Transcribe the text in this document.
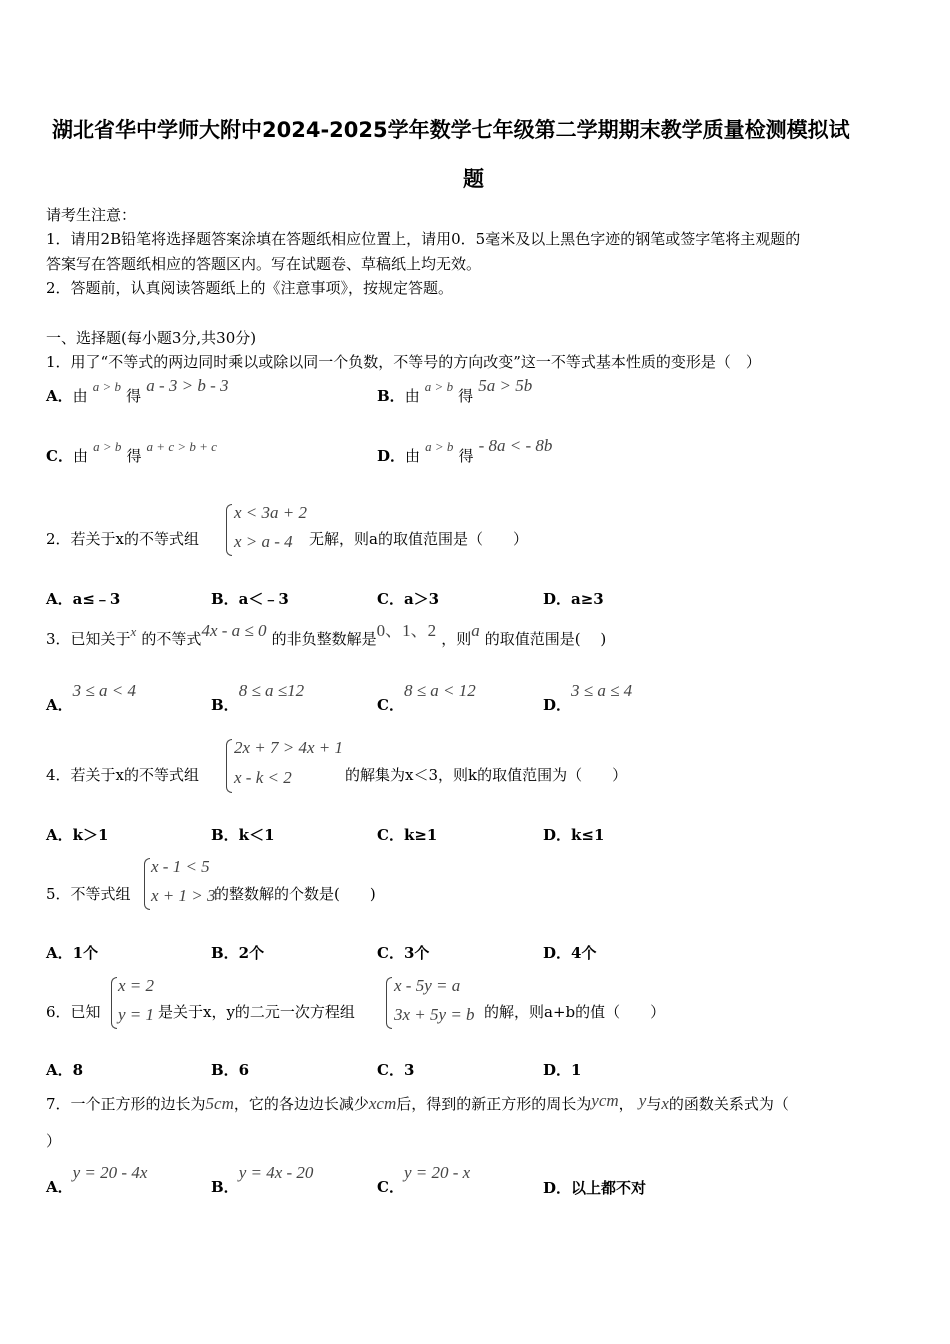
湖北省华中学师大附中2024-2025学年数学七年级第二学期期末教学质量检测模拟试
题
请考生注意：
1．请用2B铅笔将选择题答案涂填在答题纸相应位置上，请用0．5毫米及以上黑色字迹的钢笔或签字笔将主观题的
答案写在答题纸相应的答题区内。写在试题卷、草稿纸上均无效。
2．答题前，认真阅读答题纸上的《注意事项》，按规定答题。
一、选择题(每小题3分,共30分)
1．用了“不等式的两边同时乘以或除以同一个负数，不等号的方向改变”这一不等式基本性质的变形是（　）
A．由 $^{a > b}$ 得 a - 3 > b - 3
B．由 $^{a > b}$ 得 5a > 5b
C．由 $^{a > b}$ 得 $^{a + c > b + c}$
D．由 $^{a > b}$ 得 - 8a < - 8b
2．若关于x的不等式组
x < 3a + 2
x > a - 4 无解，则a的取值范围是（　　）
A．a≤﹣3	B．a＜﹣3	C．a＞3	D．a≥3
3．已知关于$^x$ 的不等式4x - a ≤ 0 的非负整数解是0、1、2 ，则a 的取值范围是(　 )
A．3 ≤ a < 4
B．8 ≤ a ≤12
C．8 ≤ a < 12
D．3 ≤ a ≤ 4
4．若关于x的不等式组
2x + 7 > 4x + 1
x - k < 2	的解集为x＜3，则k的取值范围为（　　）
A．k＞1	B．k＜1	C．k≥1	D．k≤1
5．不等式组
x - 1 < 5
x + 1 > 3
的整数解的个数是(　　)
A．1个	B．2个	C．3个	D．4个
6．已知
x = 2
y = 1 是关于x，y的二元一次方程组
x - 5y = a
3x + 5y = b 的解，则a+b的值（　　）
A．8	B．6	C．3	D．1
7．一个正方形的边长为5cm，它的各边边长减少xcm后，得到的新正方形的周长为ycm， y与x的函数关系式为（
）
A．y = 20 - 4x
B．y = 4x - 20
C．y = 20 - x
D．以上都不对
